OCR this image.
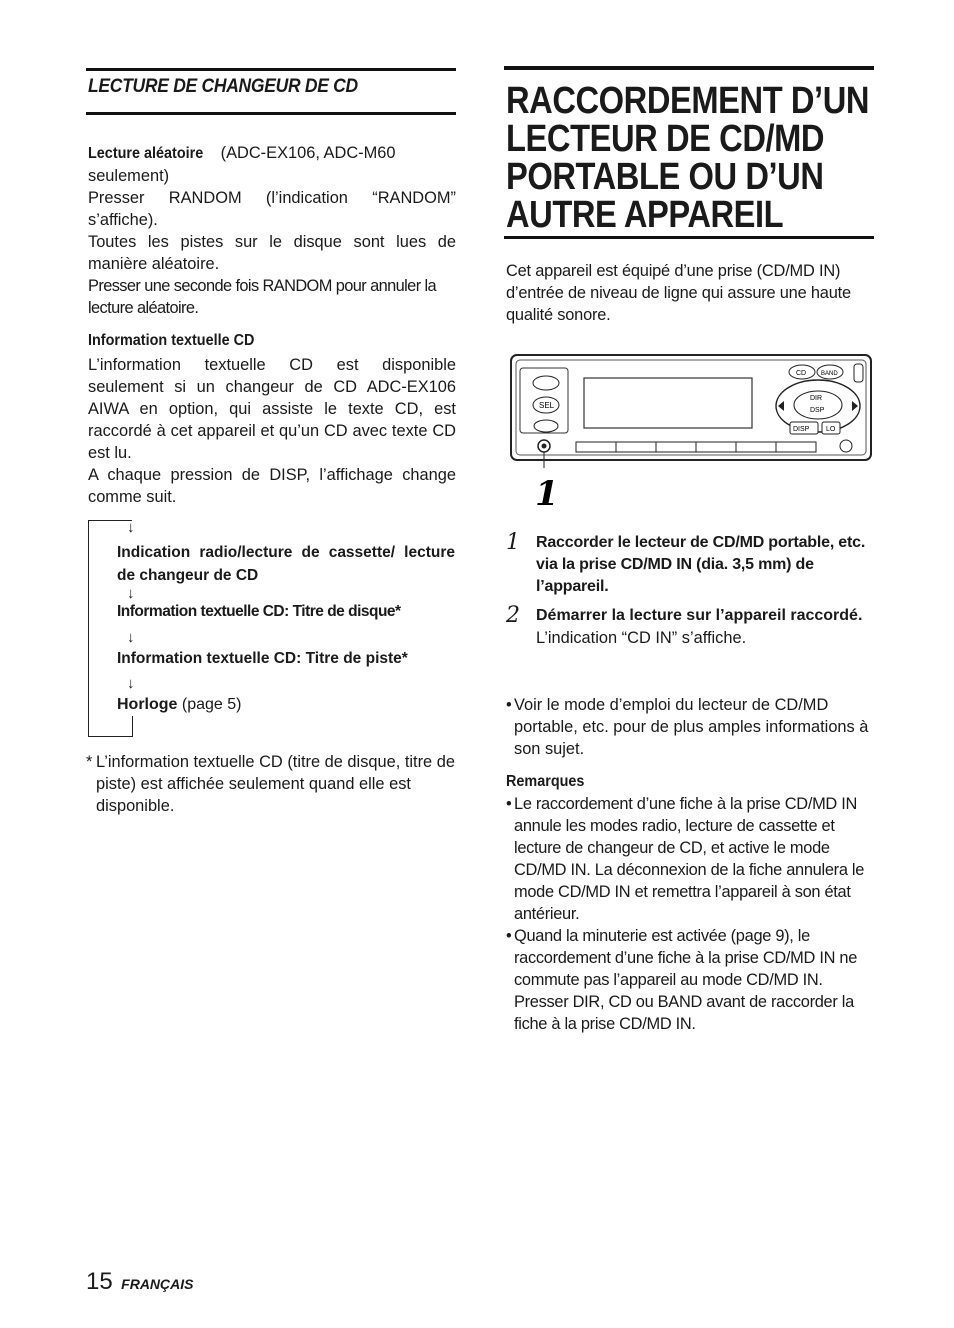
LECTURE DE CHANGEUR DE CD
Lecture aléatoire (ADC-EX106, ADC-M60 seulement)
Presser RANDOM (l’indication “RANDOM” s’affiche).
Toutes les pistes sur le disque sont lues de manière aléatoire.
Presser une seconde fois RANDOM pour annuler la lecture aléatoire.
Information textuelle CD
L’information textuelle CD est disponible seulement si un changeur de CD ADC-EX106 AIWA en option, qui assiste le texte CD, est raccordé à cet appareil et qu’un CD avec texte CD est lu.
A chaque pression de DISP, l’affichage change comme suit.
↓
Indication radio/lecture de cassette/ lecture de changeur de CD
↓
Information textuelle CD: Titre de disque*
↓
Information textuelle CD: Titre de piste*
↓
Horloge (page 5)
* L’information textuelle CD (titre de disque, titre de piste) est affichée seulement quand elle est disponible.
RACCORDEMENT D’UN
LECTEUR DE CD/MD
PORTABLE OU D’UN
AUTRE APPAREIL
Cet appareil est équipé d’une prise (CD/MD IN) d’entrée de niveau de ligne qui assure une haute qualité sonore.
SEL
CD BAND
DIR
DSP
DISP LO
1
1	Raccorder le lecteur de CD/MD portable, etc. via la prise CD/MD IN (dia. 3,5 mm) de l’appareil.
2	Démarrer la lecture sur l’appareil raccordé.
L’indication “CD IN” s’affiche.
• Voir le mode d’emploi du lecteur de CD/MD portable, etc. pour de plus amples informations à son sujet.
Remarques
• Le raccordement d’une fiche à la prise CD/MD IN annule les modes radio, lecture de cassette et lecture de changeur de CD, et active le mode CD/MD IN. La déconnexion de la fiche annulera le mode CD/MD IN et remettra l’appareil à son état antérieur.
• Quand la minuterie est activée (page 9), le raccordement d’une fiche à la prise CD/MD IN ne commute pas l’appareil au mode CD/MD IN. Presser DIR, CD ou BAND avant de raccorder la fiche à la prise CD/MD IN.
15 FRANÇAIS
